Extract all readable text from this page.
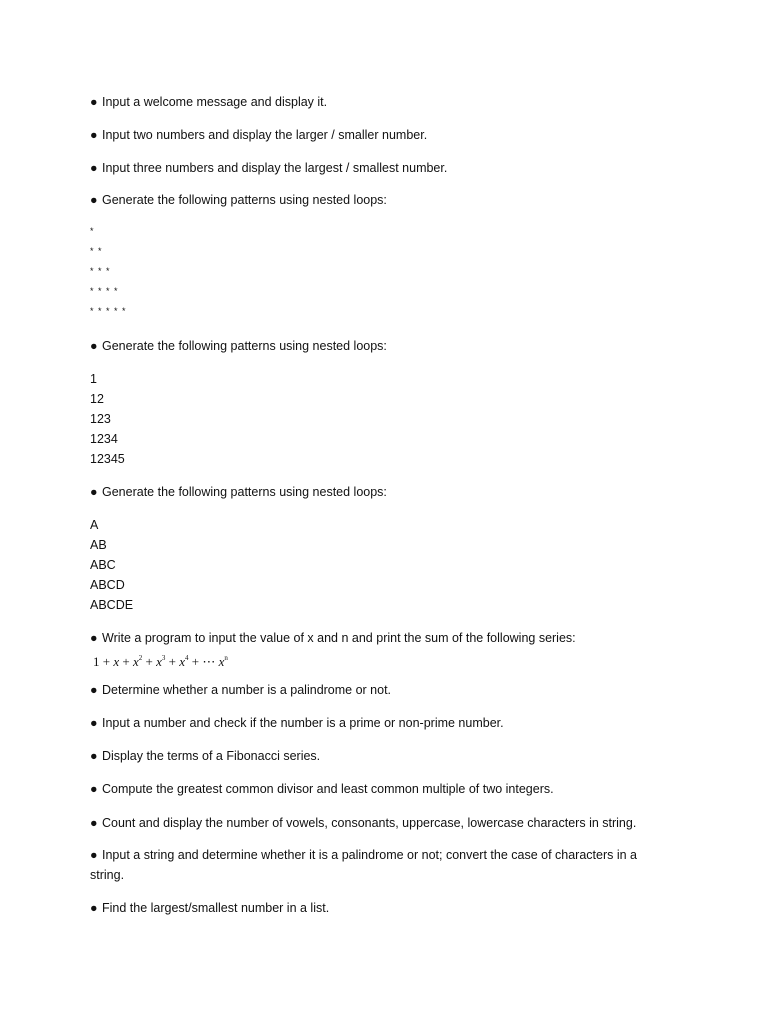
● Input a welcome message and display it.
● Input two numbers and display the larger / smaller number.
● Input three numbers and display the largest / smallest number.
● Generate the following patterns using nested loops:
*
* *
* * *
* * * *
* * * * *
● Generate the following patterns using nested loops:
1
12
123
1234
12345
● Generate the following patterns using nested loops:
A
AB
ABC
ABCD
ABCDE
● Write a program to input the value of x and n and print the sum of the following series:
$1 + x + x^2 + x^3 + x^4$ + ⋯ $x^n$
● Determine whether a number is a palindrome or not.
● Input a number and check if the number is a prime or non-prime number.
● Display the terms of a Fibonacci series.
● Compute the greatest common divisor and least common multiple of two integers.
● Count and display the number of vowels, consonants, uppercase, lowercase characters in string.
● Input a string and determine whether it is a palindrome or not; convert the case of characters in a string.
● Find the largest/smallest number in a list.
